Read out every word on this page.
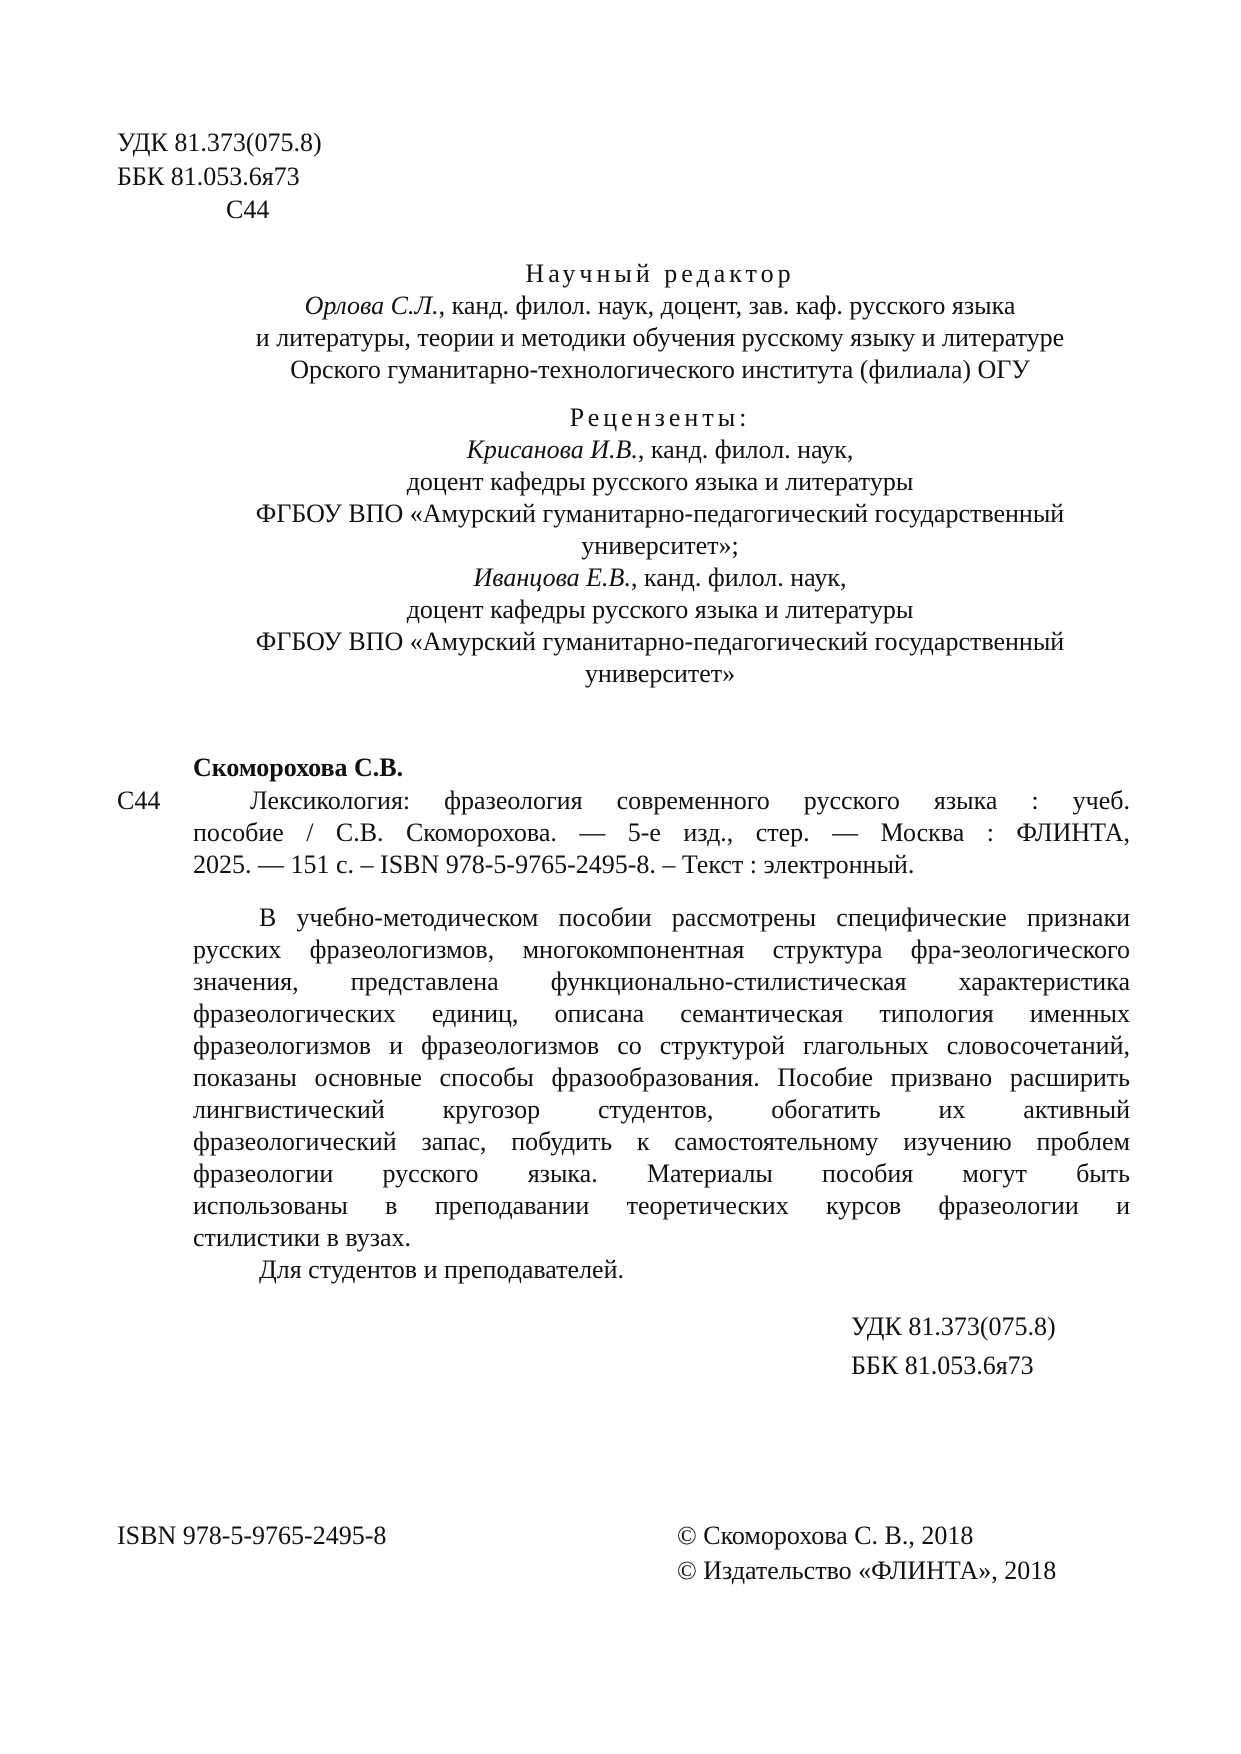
УДК 81.373(075.8)
ББК 81.053.6я73
С44
Научный редактор
Орлова С.Л., канд. филол. наук, доцент, зав. каф. русского языка
и литературы, теории и методики обучения русскому языку и литературе
Орского гуманитарно-технологического института (филиала) ОГУ
Рецензенты:
Крисанова И.В., канд. филол. наук,
доцент кафедры русского языка и литературы
ФГБОУ ВПО «Амурский гуманитарно-педагогический государственный
университет»;
Иванцова Е.В., канд. филол. наук,
доцент кафедры русского языка и литературы
ФГБОУ ВПО «Амурский гуманитарно-педагогический государственный
университет»
Скоморохова С.В.
С44	Лексикология: фразеология современного русского языка : учеб.
пособие / С.В. Скоморохова. — 5-е изд., стер. — Москва : ФЛИНТА,
2025. — 151 с. – ISBN 978-5-9765-2495-8. – Текст : электронный.
В учебно-методическом пособии рассмотрены специфические признаки
русских фразеологизмов, многокомпонентная структура фра-зеологического
значения, представлена функционально-стилистическая характеристика
фразеологических единиц, описана семантическая типология именных
фразеологизмов и фразеологизмов со структурой глагольных словосочетаний,
показаны основные способы фразообразования. Пособие призвано расширить
лингвистический кругозор студентов, обогатить их активный
фразеологический запас, побудить к самостоятельному изучению проблем
фразеологии русского языка. Материалы пособия могут быть
использованы в преподавании теоретических курсов фразеологии и
стилистики в вузах.
Для студентов и преподавателей.
УДК 81.373(075.8)
ББК 81.053.6я73
ISBN 978-5-9765-2495-8	© Скоморохова С. В., 2018
© Издательство «ФЛИНТА», 2018
